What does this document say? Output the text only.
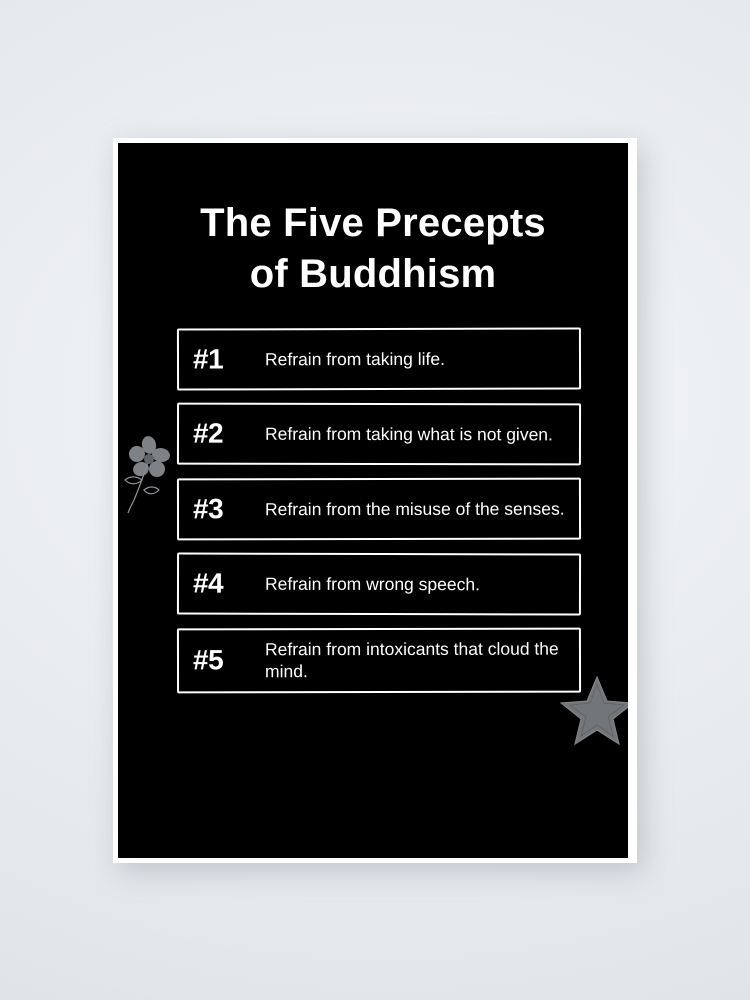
The Five Precepts
of Buddhism
#1	Refrain from taking life.
#2	Refrain from taking what is not given.
#3	Refrain from the misuse of the senses.
#4	Refrain from wrong speech.
#5	Refrain from intoxicants that cloud the mind.
